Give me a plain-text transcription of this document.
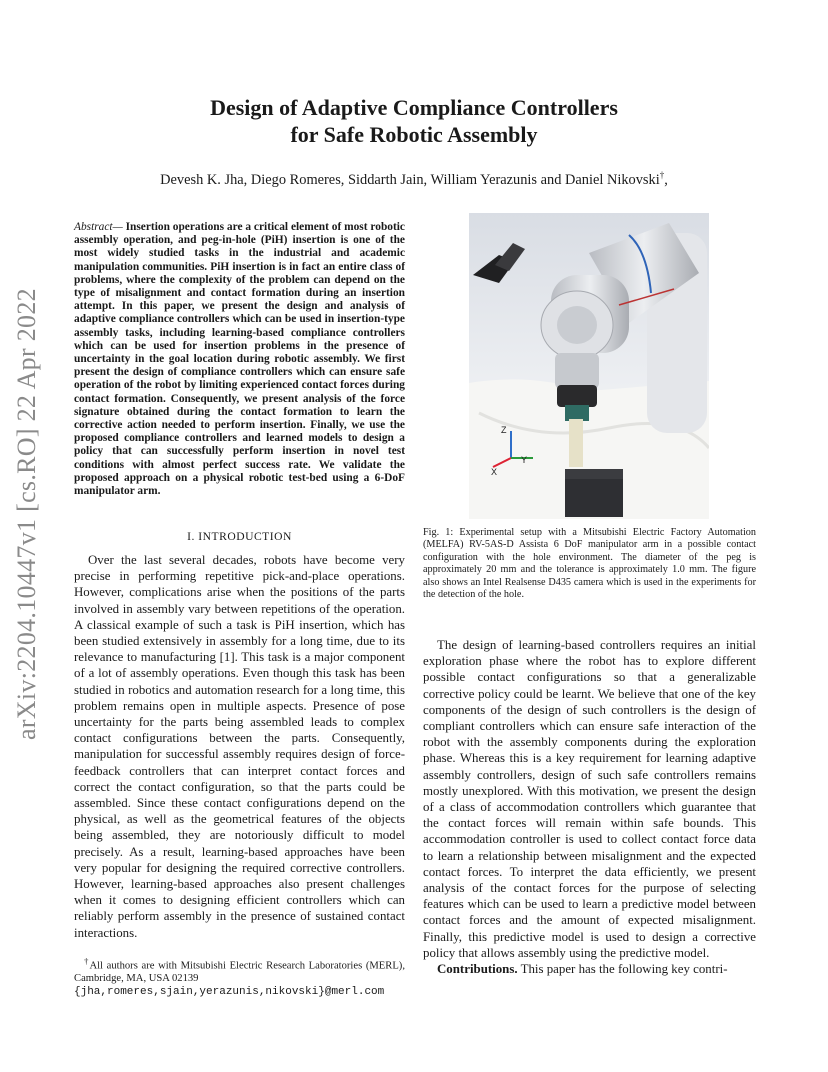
arXiv:2204.10447v1 [cs.RO] 22 Apr 2022
Design of Adaptive Compliance Controllers
for Safe Robotic Assembly
Devesh K. Jha, Diego Romeres, Siddarth Jain, William Yerazunis and Daniel Nikovski†,
Abstract— Insertion operations are a critical element of most robotic assembly operation, and peg-in-hole (PiH) insertion is one of the most widely studied tasks in the industrial and academic manipulation communities. PiH insertion is in fact an entire class of problems, where the complexity of the problem can depend on the type of misalignment and contact formation during an insertion attempt. In this paper, we present the design and analysis of adaptive compliance controllers which can be used in insertion-type assembly tasks, including learning-based compliance controllers which can be used for insertion problems in the presence of uncertainty in the goal location during robotic assembly. We first present the design of compliance controllers which can ensure safe operation of the robot by limiting experienced contact forces during contact formation. Consequently, we present analysis of the force signature obtained during the contact formation to learn the corrective action needed to perform insertion. Finally, we use the proposed compliance controllers and learned models to design a policy that can successfully perform insertion in novel test conditions with almost perfect success rate. We validate the proposed approach on a physical robotic test-bed using a 6-DoF manipulator arm.
I. INTRODUCTION

Over the last several decades, robots have become very precise in performing repetitive pick-and-place operations. However, complications arise when the positions of the parts involved in assembly vary between repetitions of the operation. A classical example of such a task is PiH insertion, which has been studied extensively in assembly for a long time, due to its relevance to manufacturing [1]. This task is a major component of a lot of assembly operations. Even though this task has been studied in robotics and automation research for a long time, this problem remains open in multiple aspects. Presence of pose uncertainty for the parts being assembled leads to complex contact configurations between the parts. Consequently, manipulation for successful assembly requires design of force-feedback controllers that can interpret contact forces and correct the contact configuration, so that the parts could be assembled. Since these contact configurations depend on the physical, as well as the geometrical features of the objects being assembled, they are notoriously difficult to model precisely. As a result, learning-based approaches have been very popular for designing the required corrective controllers. However, learning-based approaches also present challenges when it comes to designing efficient controllers which can reliably perform assembly in the presence of sustained contact interactions.

†All authors are with Mitsubishi Electric Research Laboratories (MERL), Cambridge, MA, USA 02139
{jha,romeres,sjain,yerazunis,nikovski}@merl.com
Z
Y
X
Fig. 1: Experimental setup with a Mitsubishi Electric Factory Automation (MELFA) RV-5AS-D Assista 6 DoF manipulator arm in a possible contact configuration with the hole environment. The diameter of the peg is approximately 20 mm and the tolerance is approximately 1.0 mm. The figure also shows an Intel Realsense D435 camera which is used in the experiments for the detection of the hole.

The design of learning-based controllers requires an initial exploration phase where the robot has to explore different possible contact configurations so that a generalizable corrective policy could be learnt. We believe that one of the key components of the design of such controllers is the design of compliant controllers which can ensure safe interaction of the robot with the assembly components during the exploration phase. Whereas this is a key requirement for learning adaptive assembly controllers, design of such safe controllers remains mostly unexplored. With this motivation, we present the design of a class of accommodation controllers which guarantee that the contact forces will remain within safe bounds. This accommodation controller is used to collect contact force data to learn a relationship between misalignment and the expected contact forces. To interpret the data efficiently, we present analysis of the contact forces for the purpose of selecting features which can be used to learn a predictive model between contact forces and the amount of expected misalignment. Finally, this predictive model is used to design a corrective policy that allows assembly using the predictive model.

Contributions. This paper has the following key contri-
